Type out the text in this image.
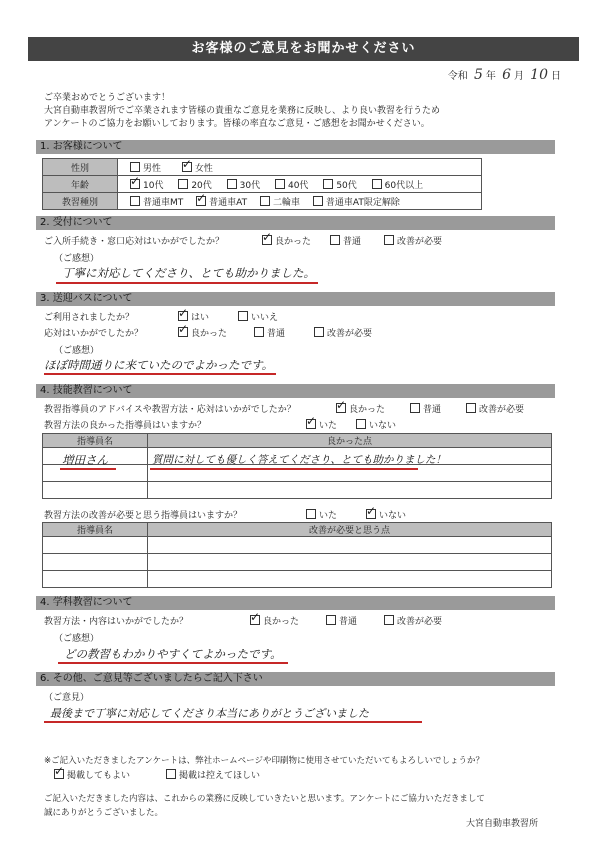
お客様のご意見をお聞かせください
令和 5 年 6 月 10 日
ご卒業おめでとうございます！
大宮自動車教習所でご卒業されます皆様の貴重なご意見を業務に反映し、より良い教習を行うため
アンケートのご協力をお願いしております。皆様の率直なご意見・ご感想をお聞かせください。
1. お客様について
性別	男性 ✓ 女性
年齢	✓10代 20代 30代 40代 50代 60代以上
教習種別	普通車MT ✓ 普通車AT 二輪車 普通車AT限定解除
2. 受付について
ご入所手続き・窓口応対はいかがでしたか？ ✓	良かった	普通	改善が必要
（ご感想）
丁寧に対応してくださり、とても助かりました。
3. 送迎バスについて
ご利用されましたか？ ✓	はい	いいえ
応対はいかがでしたか？ ✓	良かった	普通	改善が必要
（ご感想）
ほぼ時間通りに来ていたのでよかったです。
4. 技能教習について
教習指導員のアドバイスや教習方法・応対はいかがでしたか？ ✓	良かった	普通	改善が必要
教習方法の良かった指導員はいますか？ ✓	いた	いない
指導員名	良かった点

増田さん	質問に対しても優しく答えてくださり、とても助かりました！
教習方法の改善が必要と思う指導員はいますか？	いた ✓	いない
指導員名	改善が必要と思う点

4. 学科教習について
教習方法・内容はいかがでしたか？ ✓	良かった	普通	改善が必要
（ご感想）
どの教習もわかりやすくてよかったです。
6. その他、ご意見等ございましたらご記入下さい
（ご意見）
最後まで丁寧に対応してくださり本当にありがとうございました
※ご記入いただきましたアンケートは、弊社ホームページや印刷物に使用させていただいてもよろしいでしょうか？
✓掲載してもよい	掲載は控えてほしい
ご記入いただきました内容は、これからの業務に反映していきたいと思います。アンケートにご協力いただきまして
誠にありがとうございました。
大宮自動車教習所
